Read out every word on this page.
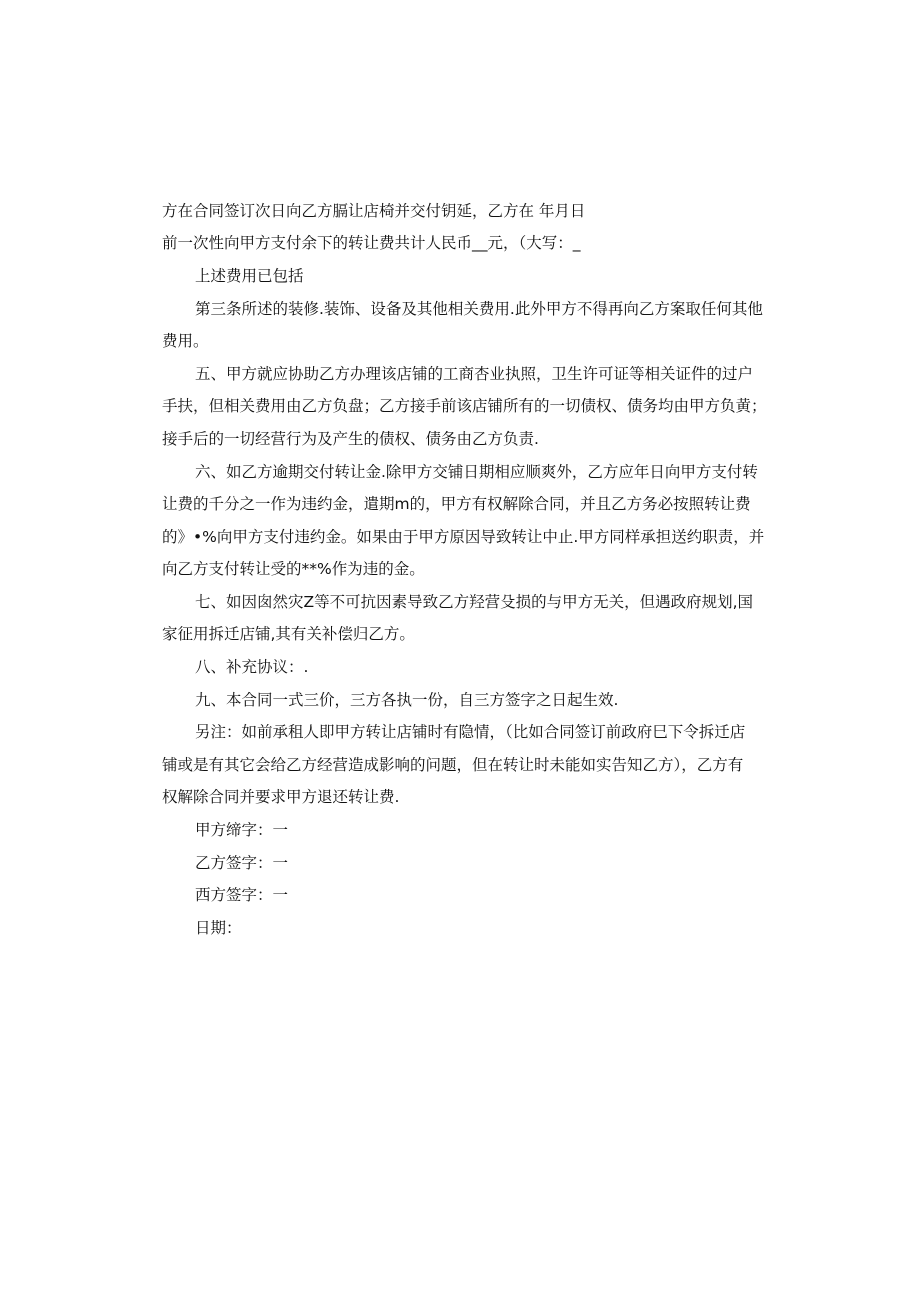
方在合同签订次日向乙方膈让店椅并交付钥延，乙方在 年月日

前一次性向甲方支付余下的转让费共计人民币__元，（大写：_

上述费用已包括

第三条所述的装修.装饰、设备及其他相关费用.此外甲方不得再向乙方案取任何其他

费用。

五、甲方就应协助乙方办理该店铺的工商杏业执照，卫生许可证等相关证件的过户

手扶，但相关费用由乙方负盘；乙方接手前该店铺所有的一切债权、债务均由甲方负黄；

接手后的一切经营行为及产生的债权、债务由乙方负责.

六、如乙方逾期交付转让金.除甲方交铺日期相应顺爽外，乙方应年日向甲方支付转

让费的千分之一作为违约金，遣期m的，甲方有权解除合同，并且乙方务必按照转让费

的》•%向甲方支付违约金。如果由于甲方原因导致转让中止.甲方同样承担送约职责，并

向乙方支付转让受的**%作为违的金。

七、如因囱然灾Z等不可抗因素导致乙方羟营殳损的与甲方无关，但遇政府规划,国

家征用拆迁店铺,其有关补偿归乙方。

八、补充协议：.

九、本合同一式三价，三方各执一份，自三方签字之日起生效.

另注：如前承租人即甲方转让店铺时有隐情，（比如合同签订前政府巳下令拆迁店

铺或是有其它会给乙方经营造成影响的问题，但在转让时未能如实告知乙方），乙方有

权解除合同并要求甲方退还转让费.

甲方缔字：一

乙方签字：一

西方签字：一

日期：
